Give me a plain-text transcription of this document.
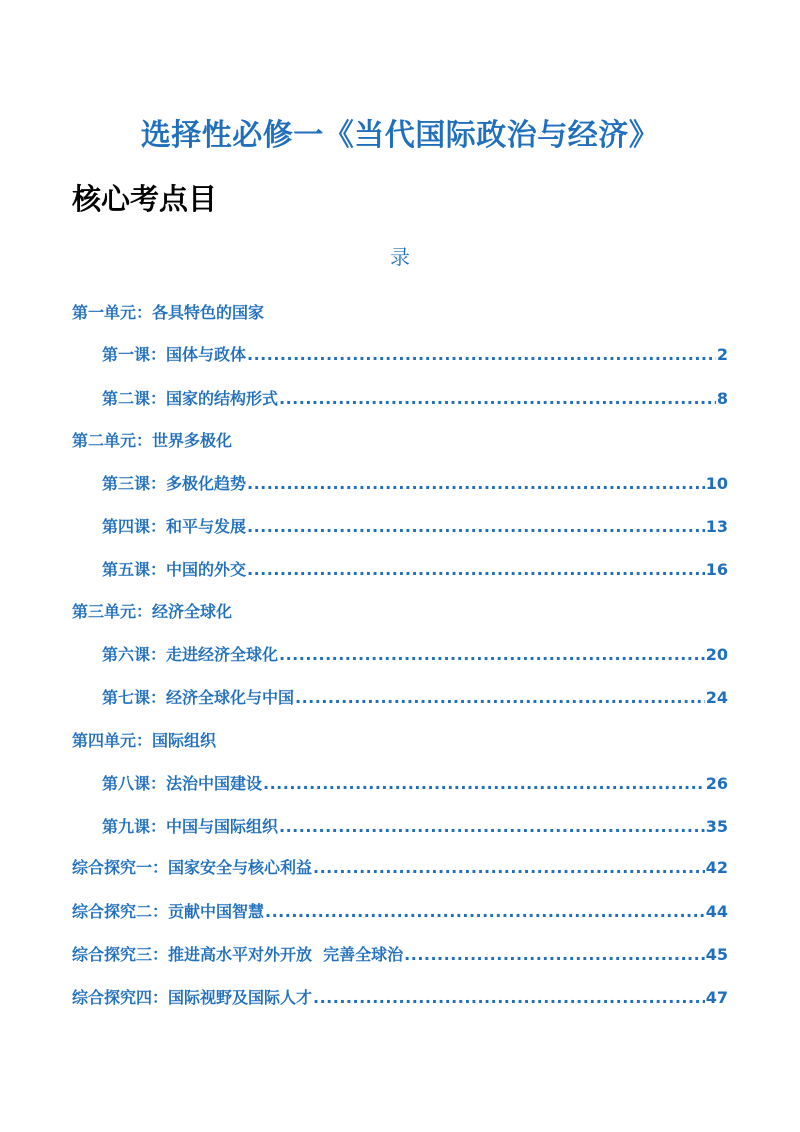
选择性必修一《当代国际政治与经济》
核心考点目
录
第一单元：各具特色的国家
第一课：国体与政体 .....	2
第二课：国家的结构形式 .....	8
第二单元：世界多极化
第三课：多极化趋势 .....	10
第四课：和平与发展 .....	13
第五课：中国的外交 .....	16
第三单元：经济全球化
第六课：走进经济全球化 .....	20
第七课：经济全球化与中国 .....	24
第四单元：国际组织
第八课：法治中国建设 .....	26
第九课：中国与国际组织 .....	35
综合探究一：国家安全与核心利益 .....	42
综合探究二：贡献中国智慧 .....	44
综合探究三：推进高水平对外开放  完善全球治 .....	45
综合探究四：国际视野及国际人才 .....	47
